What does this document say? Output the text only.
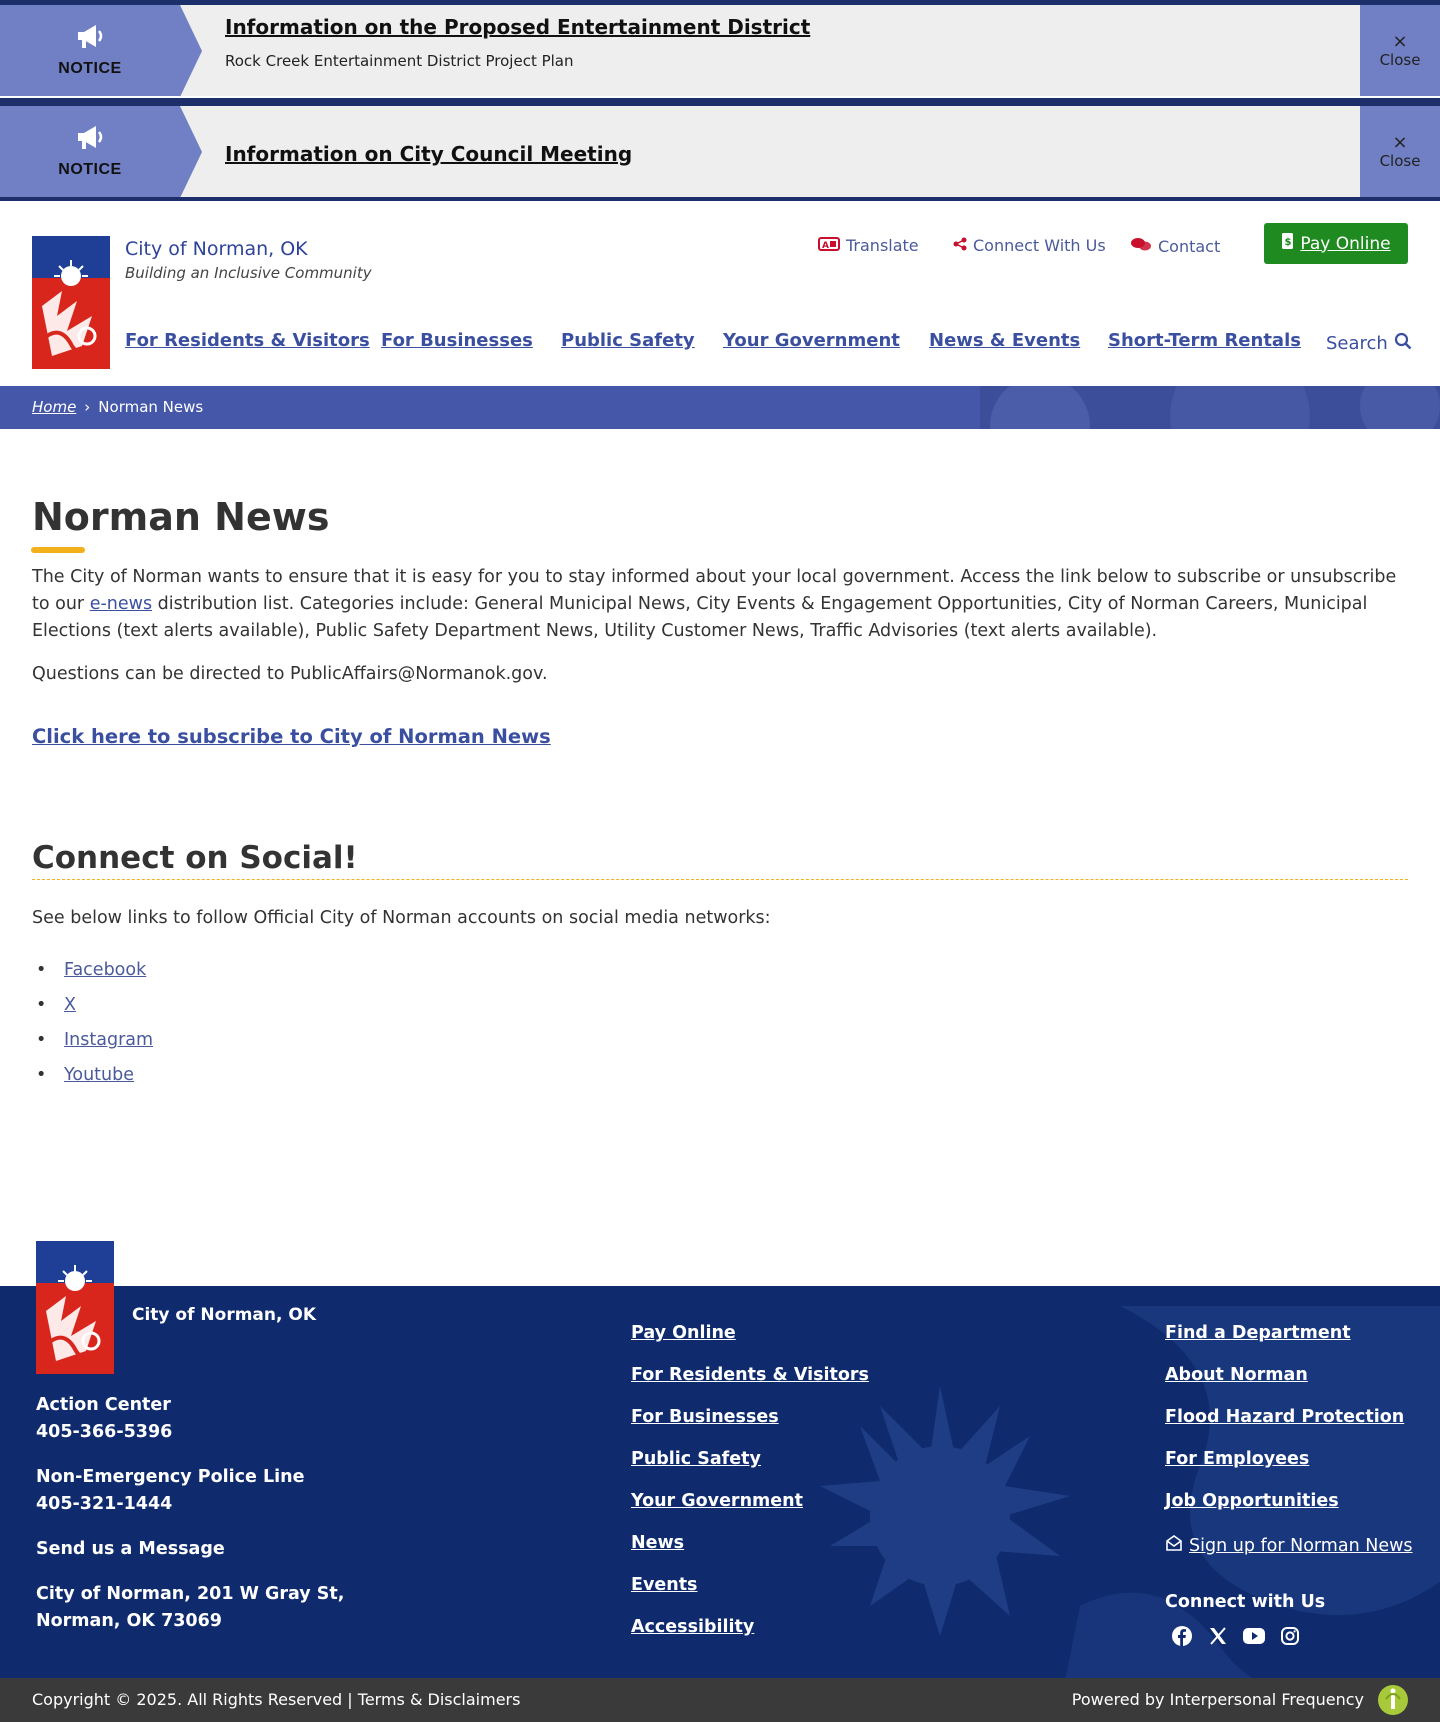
NOTICE
Information on the Proposed Entertainment District
Rock Creek Entertainment District Project Plan
×
Close
NOTICE
Information on City Council Meeting	×
Close
City of Norman, OK
Building an Inclusive Community
A Translate	Connect With Us	Contact	$ Pay Online
For Residents & Visitors For Businesses Public Safety Your Government News & Events Short-Term Rentals Search
Home › Norman News
Norman News

The City of Norman wants to ensure that it is easy for you to stay informed about your local government. Access the link below to subscribe or unsubscribe to our e-news distribution list. Categories include: General Municipal News, City Events & Engagement Opportunities, City of Norman Careers, Municipal Elections (text alerts available), Public Safety Department News, Utility Customer News, Traffic Advisories (text alerts available).

Questions can be directed to PublicAffairs@Normanok.gov.

Click here to subscribe to City of Norman News
Connect on Social!

See below links to follow Official City of Norman accounts on social media networks:

• Facebook
• X
• Instagram
• Youtube
City of Norman, OK
Action Center
405-366-5396
Non-Emergency Police Line
405-321-1444
Send us a Message
City of Norman, 201 W Gray St,
Norman, OK 73069
Pay Online
For Residents & Visitors
For Businesses
Public Safety
Your Government
News
Events
Accessibility
Find a Department
About Norman
Flood Hazard Protection
For Employees
Job Opportunities
Sign up for Norman News
Connect with Us
Copyright © 2025. All Rights Reserved | Terms & Disclaimers	Powered by Interpersonal Frequency
